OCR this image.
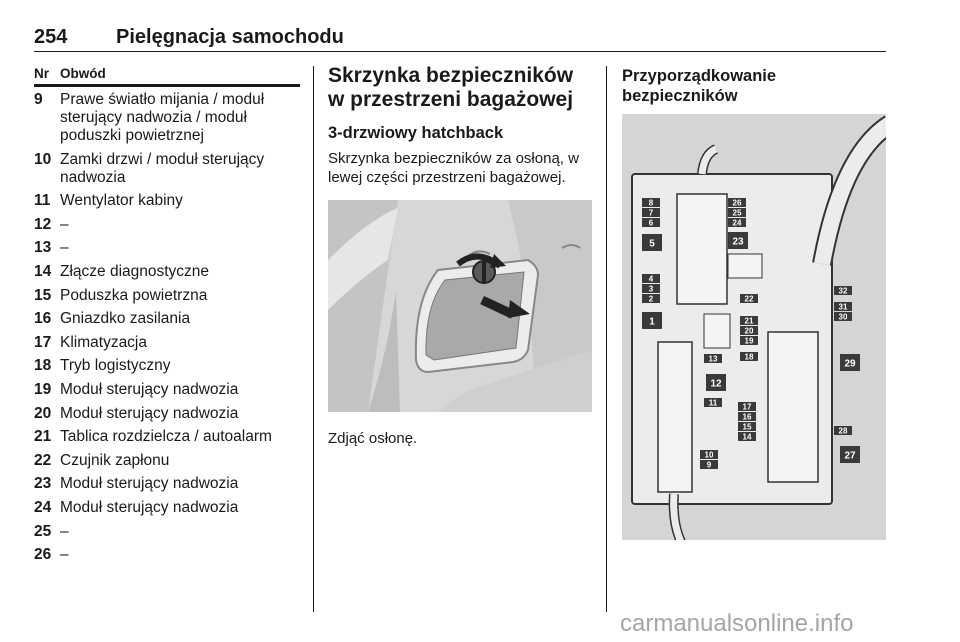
254 Pielęgnacja samochodu
Nr Obwód
9	Prawe światło mijania / moduł sterujący nadwozia / moduł poduszki powietrznej
10 Zamki drzwi / moduł sterujący nadwozia
11 Wentylator kabiny
12 –
13 –
14 Złącze diagnostyczne
15 Poduszka powietrzna
16 Gniazdko zasilania
17 Klimatyzacja
18 Tryb logistyczny
19 Moduł sterujący nadwozia
20 Moduł sterujący nadwozia
21 Tablica rozdzielcza / autoalarm
22 Czujnik zapłonu
23 Moduł sterujący nadwozia
24 Moduł sterujący nadwozia
25 –
26 –
Skrzynka bezpieczników w przestrzeni bagażowej
3-drzwiowy hatchback
Skrzynka bezpieczników za osłoną, w lewej części przestrzeni bagażowej.
Zdjąć osłonę.
Przyporządkowanie bezpieczników
8
7
6
5
4
3
2
1
26
25
24
23
22
21
20
19
18
13
12
11	17
16
15
14
10
9
32
31
30
29
28
27
carmanualsonline.info
